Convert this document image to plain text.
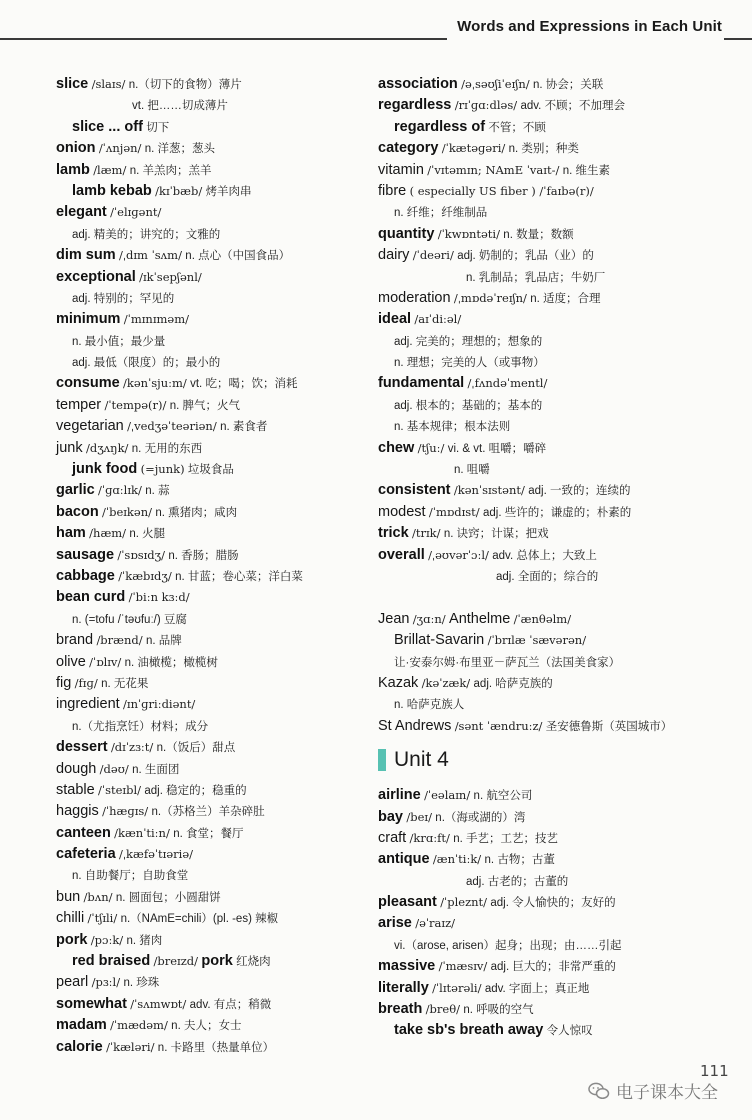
Words and Expressions in Each Unit
slice /slaɪs/ n.（切下的食物）薄片
vt. 把……切成薄片
slice ... off 切下
onion /ˈʌnjən/ n. 洋葱；葱头
lamb /læm/ n. 羊羔肉；羔羊
lamb kebab /kɪˈbæb/ 烤羊肉串
elegant /ˈelɪɡənt/
adj. 精美的；讲究的；文雅的
dim sum /ˌdɪm ˈsʌm/ n. 点心（中国食品）
exceptional /ɪkˈsepʃənl/
adj. 特别的；罕见的
minimum /ˈmɪnɪməm/
n. 最小值；最少量
adj. 最低（限度）的；最小的
consume /kənˈsjuːm/ vt. 吃；喝；饮；消耗
temper /ˈtempə(r)/ n. 脾气；火气
vegetarian /ˌvedʒəˈteəriən/ n. 素食者
junk /dʒʌŋk/ n. 无用的东西
junk food (=junk) 垃圾食品
garlic /ˈɡɑːlɪk/ n. 蒜
bacon /ˈbeɪkən/ n. 熏猪肉；咸肉
ham /hæm/ n. 火腿
sausage /ˈsɒsɪdʒ/ n. 香肠；腊肠
cabbage /ˈkæbɪdʒ/ n. 甘蓝；卷心菜；洋白菜
bean curd /ˈbiːn kɜːd/
n. (=tofu /ˈtəʊfuː/) 豆腐
brand /brænd/ n. 品牌
olive /ˈɒlɪv/ n. 油橄榄；橄榄树
fig /fɪɡ/ n. 无花果
ingredient /ɪnˈɡriːdiənt/
n.（尤指烹饪）材料；成分
dessert /dɪˈzɜːt/ n.（饭后）甜点
dough /dəʊ/ n. 生面团
stable /ˈsteɪbl/ adj. 稳定的；稳重的
haggis /ˈhæɡɪs/ n.（苏格兰）羊杂碎肚
canteen /kænˈtiːn/ n. 食堂；餐厅
cafeteria /ˌkæfəˈtɪəriə/
n. 自助餐厅；自助食堂
bun /bʌn/ n. 圆面包；小圆甜饼
chilli /ˈtʃɪli/ n.（NAmE=chili）(pl. -es) 辣椒
pork /pɔːk/ n. 猪肉
red braised /breɪzd/ pork 红烧肉
pearl /pɜːl/ n. 珍珠
somewhat /ˈsʌmwɒt/ adv. 有点；稍微
madam /ˈmædəm/ n. 夫人；女士
calorie /ˈkæləri/ n. 卡路里（热量单位）
association /əˌsəʊʃiˈeɪʃn/ n. 协会；关联
regardless /rɪˈɡɑːdləs/ adv. 不顾；不加理会
regardless of 不管；不顾
category /ˈkætəɡəri/ n. 类别；种类
vitamin /ˈvɪtəmɪn; NAmE ˈvaɪt-/ n. 维生素
fibre ( especially US fiber ) /ˈfaɪbə(r)/
n. 纤维；纤维制品
quantity /ˈkwɒntəti/ n. 数量；数额
dairy /ˈdeəri/ adj. 奶制的；乳品（业）的
n. 乳制品；乳品店；牛奶厂
moderation /ˌmɒdəˈreɪʃn/ n. 适度；合理
ideal /aɪˈdiːəl/
adj. 完美的；理想的；想象的
n. 理想；完美的人（或事物）
fundamental /ˌfʌndəˈmentl/
adj. 根本的；基础的；基本的
n. 基本规律；根本法则
chew /tʃuː/ vi. & vt. 咀嚼；嚼碎
n. 咀嚼
consistent /kənˈsɪstənt/ adj. 一致的；连续的
modest /ˈmɒdɪst/ adj. 些许的；谦虚的；朴素的
trick /trɪk/ n. 诀窍；计谋；把戏
overall /ˌəʊvərˈɔːl/ adv. 总体上；大致上
adj. 全面的；综合的
Jean /ʒɑːn/ Anthelme /ˈænθəlm/
Brillat-Savarin /ˈbrɪlæ ˈsævərən/
让·安泰尔姆·布里亚－萨瓦兰（法国美食家）
Kazak /kəˈzæk/ adj. 哈萨克族的
n. 哈萨克族人
St Andrews /sənt ˈændruːz/ 圣安德鲁斯（英国城市）
Unit 4
airline /ˈeəlaɪn/ n. 航空公司
bay /beɪ/ n.（海或湖的）湾
craft /krɑːft/ n. 手艺；工艺；技艺
antique /ænˈtiːk/ n. 古物；古董
adj. 古老的；古董的
pleasant /ˈpleznt/ adj. 令人愉快的；友好的
arise /əˈraɪz/
vi.（arose, arisen）起身；出现；由……引起
massive /ˈmæsɪv/ adj. 巨大的；非常严重的
literally /ˈlɪtərəli/ adv. 字面上；真正地
breath /breθ/ n. 呼吸的空气
take sb's breath away 令人惊叹
111
电子课本大全
